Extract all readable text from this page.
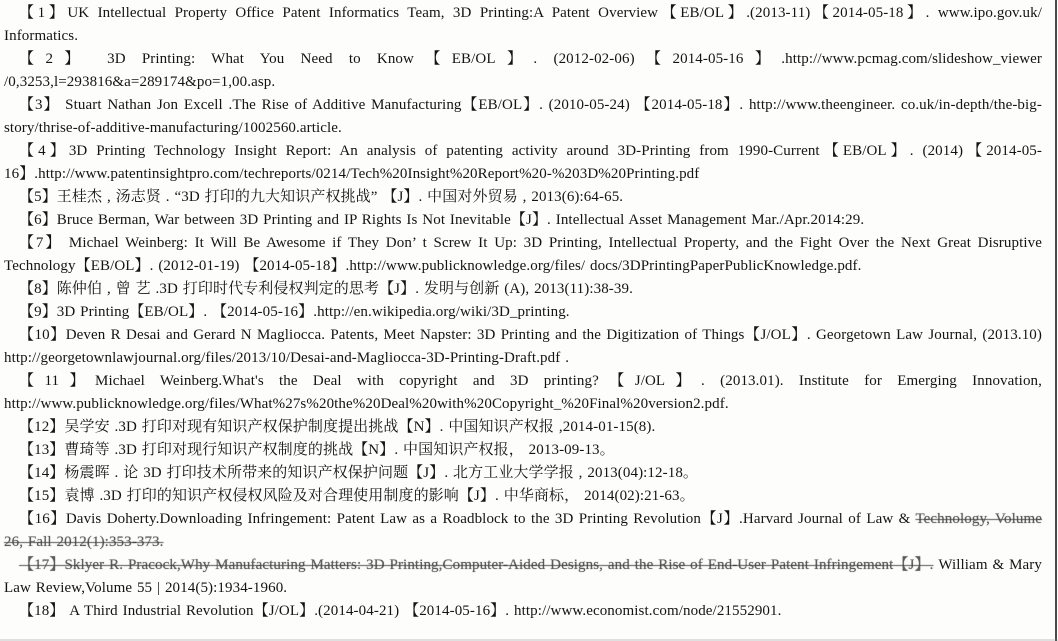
【1】UK Intellectual Property Office Patent Informatics Team, 3D Printing:A Patent Overview【EB/OL】.(2013-11)【2014-05-18】. www.ipo.gov.uk/ Informatics.

【2】 3D Printing: What You Need to Know【EB/OL】. (2012-02-06)【2014-05-16】.http://www.pcmag.com/slideshow_viewer /0,3253,l=293816&a=289174&po=1,00.asp.

【3】 Stuart Nathan Jon Excell .The Rise of Additive Manufacturing【EB/OL】. (2010-05-24) 【2014-05-18】. http://www.theengineer. co.uk/in-depth/the-big-story/thrise-of-additive-manufacturing/1002560.article.

【4】3D Printing Technology Insight Report: An analysis of patenting activity around 3D-Printing from 1990-Current【EB/OL】. (2014)【2014-05-16】.http://www.patentinsightpro.com/techreports/0214/Tech%20Insight%20Report%20-%203D%20Printing.pdf

【5】王桂杰 , 汤志贤 . “3D 打印的九大知识产权挑战” 【J】. 中国对外贸易 , 2013(6):64-65.

【6】Bruce Berman, War between 3D Printing and IP Rights Is Not Inevitable【J】. Intellectual Asset Management Mar./Apr.2014:29.

【7】 Michael Weinberg: It Will Be Awesome if They Don’ t Screw It Up: 3D Printing, Intellectual Property, and the Fight Over the Next Great Disruptive Technology【EB/OL】. (2012-01-19) 【2014-05-18】.http://www.publicknowledge.org/files/ docs/3DPrintingPaperPublicKnowledge.pdf.

【8】陈仲伯 , 曾 艺 .3D 打印时代专利侵权判定的思考【J】. 发明与创新 (A), 2013(11):38-39.

【9】3D Printing【EB/OL】. 【2014-05-16】.http://en.wikipedia.org/wiki/3D_printing.

【10】Deven R Desai and Gerard N Magliocca. Patents, Meet Napster: 3D Printing and the Digitization of Things【J/OL】. Georgetown Law Journal, (2013.10) http://georgetownlawjournal.org/files/2013/10/Desai-and-Magliocca-3D-Printing-Draft.pdf .

【11】Michael Weinberg.What's the Deal with copyright and 3D printing?【J/OL】. (2013.01). Institute for Emerging Innovation, http://www.publicknowledge.org/files/What%27s%20the%20Deal%20with%20Copyright_%20Final%20version2.pdf.

【12】吴学安 .3D 打印对现有知识产权保护制度提出挑战【N】. 中国知识产权报 ,2014-01-15(8).

【13】曹琦等 .3D 打印对现行知识产权制度的挑战【N】. 中国知识产权报， 2013-09-13。

【14】杨震晖 . 论 3D 打印技术所带来的知识产权保护问题【J】. 北方工业大学学报 , 2013(04):12-18。

【15】袁博 .3D 打印的知识产权侵权风险及对合理使用制度的影响【J】. 中华商标， 2014(02):21-63。

【16】Davis Doherty.Downloading Infringement: Patent Law as a Roadblock to the 3D Printing Revolution【J】.Harvard Journal of Law & Technology, Volume 26, Fall 2012(1):353-373.

【17】Sklyer R. Pracock,Why Manufacturing Matters: 3D Printing,Computer-Aided Designs, and the Rise of End-User Patent Infringement【J】. William & Mary Law Review,Volume 55 | 2014(5):1934-1960.

【18】 A Third Industrial Revolution【J/OL】.(2014-04-21) 【2014-05-16】. http://www.economist.com/node/21552901.
